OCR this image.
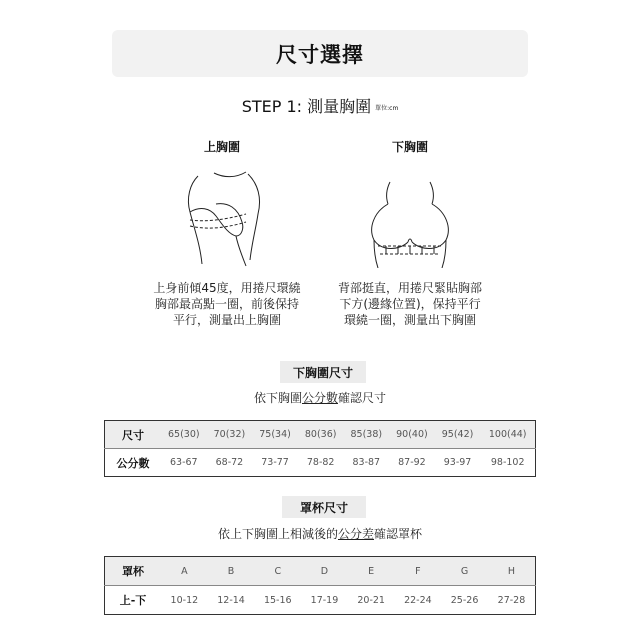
尺寸選擇
STEP 1: 測量胸圍 單位:cm
上胸圍
上身前傾45度，用捲尺環繞
胸部最高點一圈，前後保持
平行，測量出上胸圍
下胸圍
背部挺直，用捲尺緊貼胸部
下方(邊緣位置)，保持平行
環繞一圈，測量出下胸圍
下胸圍尺寸
依下胸圍公分數確認尺寸
尺寸	65(30)	70(32)	75(34)	80(36)	85(38)	90(40)	95(42)	100(44)
公分數	63-67	68-72	73-77	78-82	83-87	87-92	93-97	98-102
罩杯尺寸
依上下胸圍上相減後的公分差確認罩杯
罩杯	A	B	C	D	E	F	G	H
上-下	10-12	12-14	15-16	17-19	20-21	22-24	25-26	27-28
